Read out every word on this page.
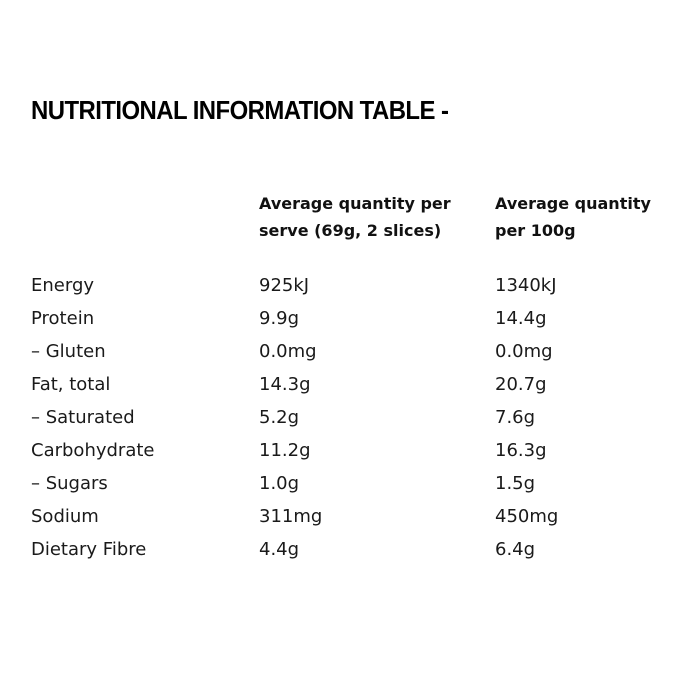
NUTRITIONAL INFORMATION TABLE -
Average quantity per
serve (69g, 2 slices)
Average quantity
per 100g
Energy	925kJ	1340kJ
Protein	9.9g	14.4g
– Gluten	0.0mg	0.0mg
Fat, total	14.3g	20.7g
– Saturated	5.2g	7.6g
Carbohydrate	11.2g	16.3g
– Sugars	1.0g	1.5g
Sodium	311mg	450mg
Dietary Fibre	4.4g	6.4g
